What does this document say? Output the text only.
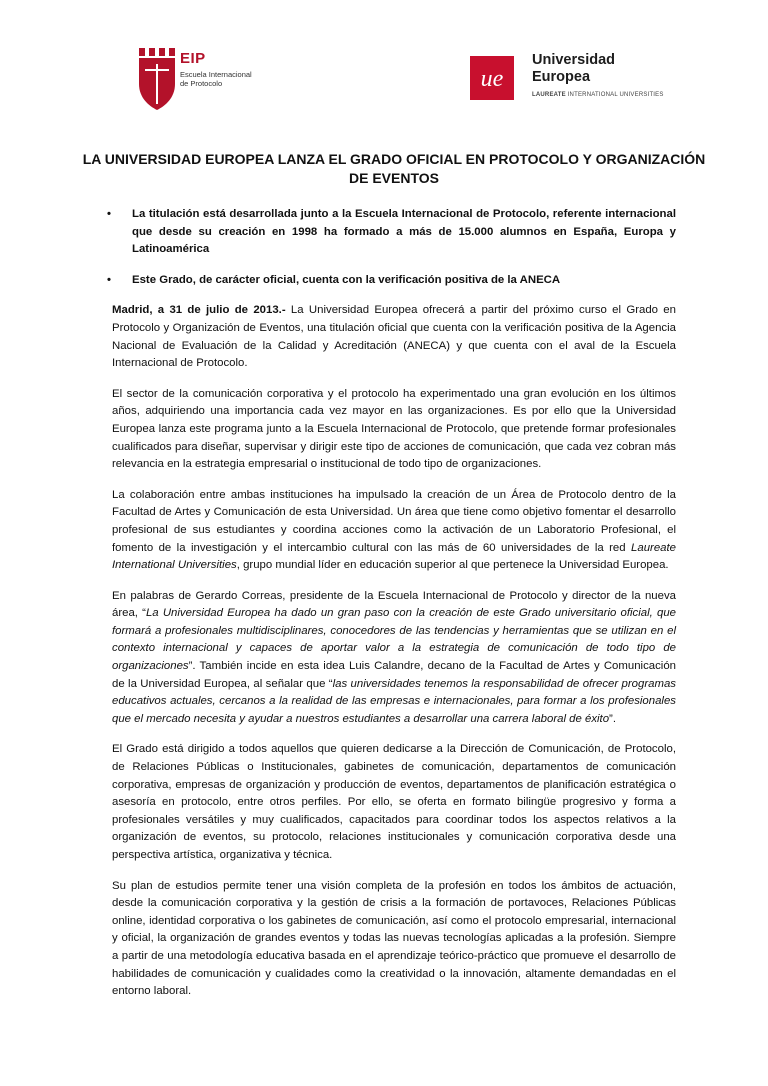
EIP
Escuela Internacional
de Protocolo	ue
Universidad
Europea
LAUREATE INTERNATIONAL UNIVERSITIES
LA UNIVERSIDAD EUROPEA LANZA EL GRADO OFICIAL EN PROTOCOLO Y ORGANIZACIÓN DE EVENTOS
• La titulación está desarrollada junto a la Escuela Internacional de Protocolo, referente internacional que desde su creación en 1998 ha formado a más de 15.000 alumnos en España, Europa y Latinoamérica
• Este Grado, de carácter oficial, cuenta con la verificación positiva de la ANECA

Madrid, a 31 de julio de 2013.- La Universidad Europea ofrecerá a partir del próximo curso el Grado en Protocolo y Organización de Eventos, una titulación oficial que cuenta con la verificación positiva de la Agencia Nacional de Evaluación de la Calidad y Acreditación (ANECA) y que cuenta con el aval de la Escuela Internacional de Protocolo.

El sector de la comunicación corporativa y el protocolo ha experimentado una gran evolución en los últimos años, adquiriendo una importancia cada vez mayor en las organizaciones. Es por ello que la Universidad Europea lanza este programa junto a la Escuela Internacional de Protocolo, que pretende formar profesionales cualificados para diseñar, supervisar y dirigir este tipo de acciones de comunicación, que cada vez cobran más relevancia en la estrategia empresarial o institucional de todo tipo de organizaciones.

La colaboración entre ambas instituciones ha impulsado la creación de un Área de Protocolo dentro de la Facultad de Artes y Comunicación de esta Universidad. Un área que tiene como objetivo fomentar el desarrollo profesional de sus estudiantes y coordina acciones como la activación de un Laboratorio Profesional, el fomento de la investigación y el intercambio cultural con las más de 60 universidades de la red Laureate International Universities, grupo mundial líder en educación superior al que pertenece la Universidad Europea.

En palabras de Gerardo Correas, presidente de la Escuela Internacional de Protocolo y director de la nueva área, “La Universidad Europea ha dado un gran paso con la creación de este Grado universitario oficial, que formará a profesionales multidisciplinares, conocedores de las tendencias y herramientas que se utilizan en el contexto internacional y capaces de aportar valor a la estrategia de comunicación de todo tipo de organizaciones”. También incide en esta idea Luis Calandre, decano de la Facultad de Artes y Comunicación de la Universidad Europea, al señalar que “las universidades tenemos la responsabilidad de ofrecer programas educativos actuales, cercanos a la realidad de las empresas e internacionales, para formar a los profesionales que el mercado necesita y ayudar a nuestros estudiantes a desarrollar una carrera laboral de éxito”.

El Grado está dirigido a todos aquellos que quieren dedicarse a la Dirección de Comunicación, de Protocolo, de Relaciones Públicas o Institucionales, gabinetes de comunicación, departamentos de comunicación corporativa, empresas de organización y producción de eventos, departamentos de planificación estratégica o asesoría en protocolo, entre otros perfiles. Por ello, se oferta en formato bilingüe progresivo y forma a profesionales versátiles y muy cualificados, capacitados para coordinar todos los aspectos relativos a la organización de eventos, su protocolo, relaciones institucionales y comunicación corporativa desde una perspectiva artística, organizativa y técnica.

Su plan de estudios permite tener una visión completa de la profesión en todos los ámbitos de actuación, desde la comunicación corporativa y la gestión de crisis a la formación de portavoces, Relaciones Públicas online, identidad corporativa o los gabinetes de comunicación, así como el protocolo empresarial, internacional y oficial, la organización de grandes eventos y todas las nuevas tecnologías aplicadas a la profesión. Siempre a partir de una metodología educativa basada en el aprendizaje teórico-práctico que promueve el desarrollo de habilidades de comunicación y cualidades como la creatividad o la innovación, altamente demandadas en el entorno laboral.
